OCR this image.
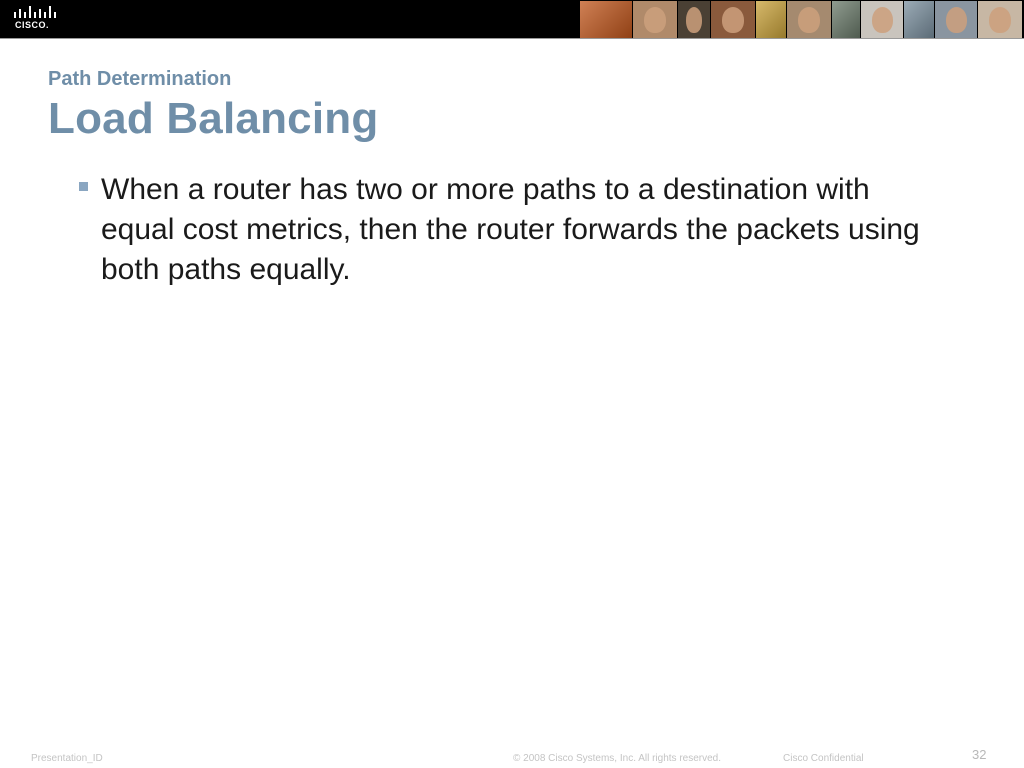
CISCO.
Path Determination
Load Balancing
When a router has two or more paths to a destination with equal cost metrics, then the router forwards the packets using both paths equally.
Presentation_ID	© 2008 Cisco Systems, Inc. All rights reserved.	Cisco Confidential	32
